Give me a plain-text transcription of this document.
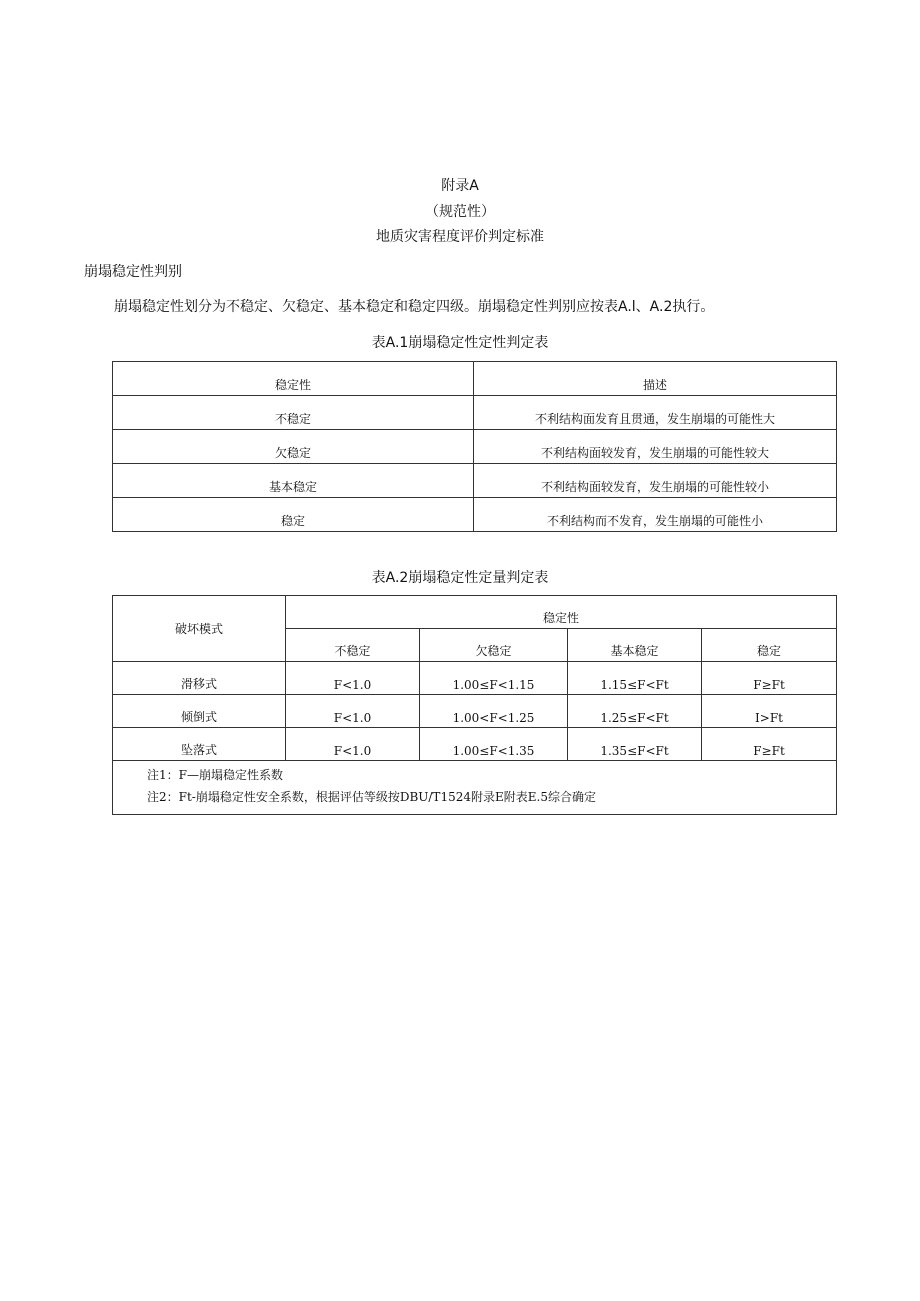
附录A
（规范性）
地质灾害程度评价判定标准
崩塌稳定性判别
崩塌稳定性划分为不稳定、欠稳定、基本稳定和稳定四级。崩塌稳定性判别应按表A.l、A.2执行。
表A.1崩塌稳定性定性判定表
稳定性	描述
不稳定	不利结构面发育且贯通，发生崩塌的可能性大
欠稳定	不利结构面较发育，发生崩塌的可能性较大
基本稳定	不利结构面较发育，发生崩塌的可能性较小
稳定	不利结构而不发育，发生崩塌的可能性小
表A.2崩塌稳定性定量判定表
破坏模式	稳定性			
	不稳定	欠稳定	基本稳定	稳定
滑移式	F<1.0	1.00≤F<1.15	1.15≤F<Ft	F≥Ft
倾倒式	F<1.0	1.00<F<1.25	1.25≤F<Ft	I>Ft
坠落式	F<1.0	1.00≤F<1.35	1.35≤F<Ft	F≥Ft

注1：F—崩塌稳定性系数
注2：Ft-崩塌稳定性安全系数，根据评估等级按DBU/T1524附录E附表E.5综合确定				
